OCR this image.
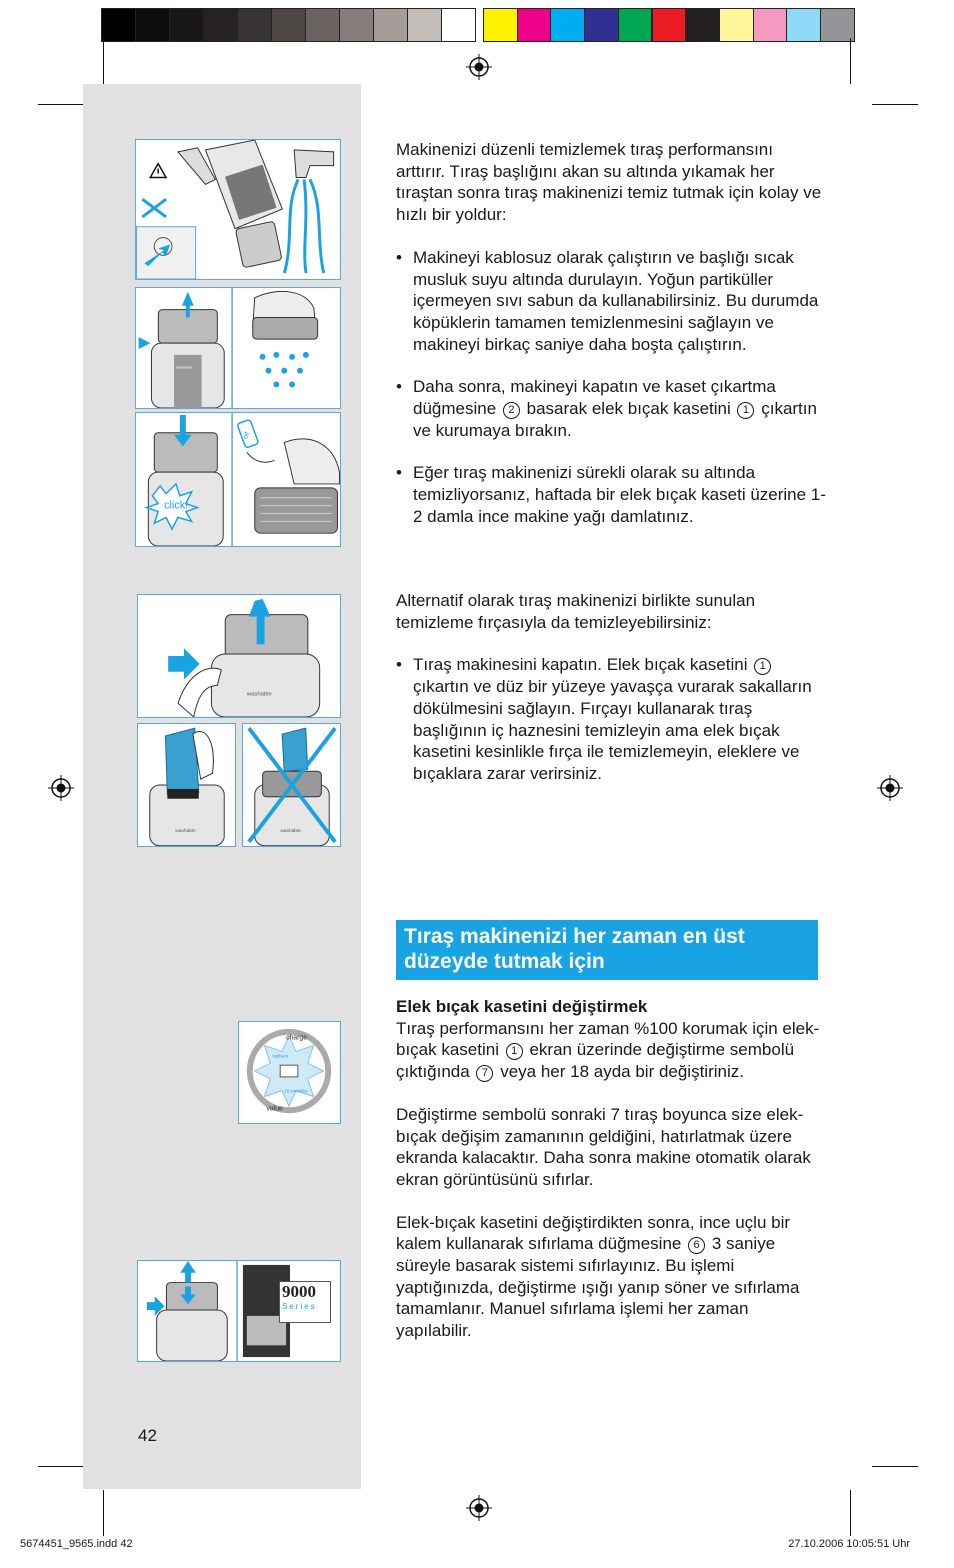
washable
click!
oil
washable
washable	washable
charge
replace
18 months
value
9000
Series

Makinenizi düzenli temizlemek tıraş performansını arttırır. Tıraş başlığını akan su altında yıkamak her tıraştan sonra tıraş makinenizi temiz tutmak için kolay ve hızlı bir yoldur:

• Makineyi kablosuz olarak çalıştırın ve başlığı sıcak musluk suyu altında durulayın. Yoğun partiküller içermeyen sıvı sabun da kullanabilirsiniz. Bu durumda köpüklerin tamamen temizlenmesini sağlayın ve makineyi birkaç saniye daha boşta çalıştırın.

• Daha sonra, makineyi kapatın ve kaset çıkartma düğmesine 2 basarak elek bıçak kasetini 1 çıkartın ve kurumaya bırakın.

• Eğer tıraş makinenizi sürekli olarak su altında temizliyorsanız, haftada bir elek bıçak kaseti üzerine 1-2 damla ince makine yağı damlatınız.

Alternatif olarak tıraş makinenizi birlikte sunulan temizleme fırçasıyla da temizleyebilirsiniz:

• Tıraş makinesini kapatın. Elek bıçak kasetini 1 çıkartın ve düz bir yüzeye yavaşça vurarak sakalların dökülmesini sağlayın. Fırçayı kullanarak tıraş başlığının iç haznesini temizleyin ama elek bıçak kasetini kesinlikle fırça ile temizlemeyin, eleklere ve bıçaklara zarar verirsiniz.

Tıraş makinenizi her zaman en üst düzeyde tutmak için

Elek bıçak kasetini değiştirmek

Tıraş performansını her zaman %100 korumak için elek-bıçak kasetini 1 ekran üzerinde değiştirme sembolü çıktığında 7 veya her 18 ayda bir değiştiriniz.

Değiştirme sembolü sonraki 7 tıraş boyunca size elek-bıçak değişim zamanının geldiğini, hatırlatmak üzere ekranda kalacaktır. Daha sonra makine otomatik olarak ekran görüntüsünü sıfırlar.

Elek-bıçak kasetini değiştirdikten sonra, ince uçlu bir kalem kullanarak sıfırlama düğmesine 6 3 saniye süreyle basarak sistemi sıfırlayınız. Bu işlemi yaptığınızda, değiştirme ışığı yanıp söner ve sıfırlama tamamlanır. Manuel sıfırlama işlemi her zaman yapılabilir.

42
5674451_9565.indd 42	27.10.2006 10:05:51 Uhr
